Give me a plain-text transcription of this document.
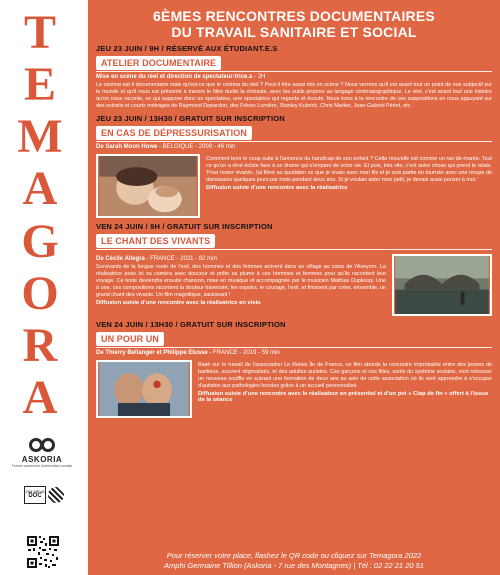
T
E
M
A
G
O
R
A
ASKORIA
Former autrement l'intervention sociale
ZIM MEVA
DOC
6ÈMES RENCONTRES DOCUMENTAIRES
DU TRAVAIL SANITAIRE ET SOCIAL
JEU 23 JUIN / 9H / RÉSERVÉ AUX ÉTUDIANT.E.S
ATELIER DOCUMENTAIRE
Mise en scène du réel et direction de spectateur-trice.s - 2H
Le cinéma est-il documentaire mais qu'est-ce que le cinéma du réel ? Peut-il être aussi mis en scène ? Nous verrons qu'il est avant tout un point de vue subjectif sur le monde et qu'il nous est présenté à travers le filtre du/de la cinéaste, avec les outils propres au langage cinématographique. Le réel, c'est avant tout une histoire qu'on nous raconte, ce qui suppose donc un spectateur, une spectatrice qui regarde et écoute. Nous irons à la rencontre de ces suppositions en nous appuyant sur des extraits et courts métrages de Raymond Depardon, des Frères Lumière, Stanley Kubrick, Chris Marker, Jean-Gabriel Périot, etc.
JEU 23 JUIN / 13H30 / GRATUIT SUR INSCRIPTION
EN CAS DE DÉPRESSURISATION
De Sarah Moon Howe - BELGIQUE - 2009 - 46 min
Comment tenir le coup suite à l'annonce du handicap de son enfant ? Cette nouvelle est comme un raz-de-marée. Tout ce qu'on a rêvé éclate face à ce drame qui s'empare de votre vie. Et puis, très vite, c'est autre chose qui prend le relais. 'Pour rester vivante, j'ai filmé au quotidien ce que je vivais avec mon fils et je suis partie en tournée avec une troupe de danseuses quelques jours par mois pendant deux ans. Si je voulais aider mon petit, je devais aussi penser à moi.'
Diffusion suivie d'une rencontre avec la réalisatrice
VEN 24 JUIN / 9H / GRATUIT SUR INSCRIPTION
LE CHANT DES VIVANTS
De Cécile Allegra - FRANCE - 2021 - 82 min
Survivants de la longue route de l'exil, des hommes et des femmes arrivent dans un village au cœur de l'Aveyron. La réalisatrice pose ici sa caméra avec douceur et prête sa plume à ces hommes et femmes pour qu'ils racontent leur voyage. Ce texte deviendra ensuite chanson, mise en musique et accompagnée par le musicien Mathias Duplessy. Une à une, ces compositions racontent la douleur traversée, les espoirs, le courage, l'exil, et finissent par créer, ensemble, un grand chant des vivants. Un film magnifique, saisissant !
Diffusion suivie d'une rencontre avec la réalisatrice en visio
VEN 24 JUIN / 13H30 / GRATUIT SUR INSCRIPTION
UN POUR UN
De Thierry Bellanger et Philippe Elusse - FRANCE - 2019 - 59 min
Basé sur le travail de l'association Le Relais Île de France, ce film aborde la rencontre improbable entre des jeunes de banlieue, souvent stigmatisés, et des adultes autistes. Ces garçons et ces filles, sortis du système scolaire, vont retrouver un nouveau souffle en suivant une formation de deux ans au sein de cette association où ils vont apprendre à s'occuper d'autistes aux pathologies lourdes grâce à un accueil personnalisé.
Diffusion suivie d'une rencontre avec le réalisateur en présentiel et d'un pot « Clap de fin » offert à l'issue de la séance
Pour réserver votre place, flashez le QR code ou cliquez sur Temagora 2022
Amphi Germaine Tillion (Askoria - 7 rue des Montagnes) | Tél : 02 22 21 20 51
